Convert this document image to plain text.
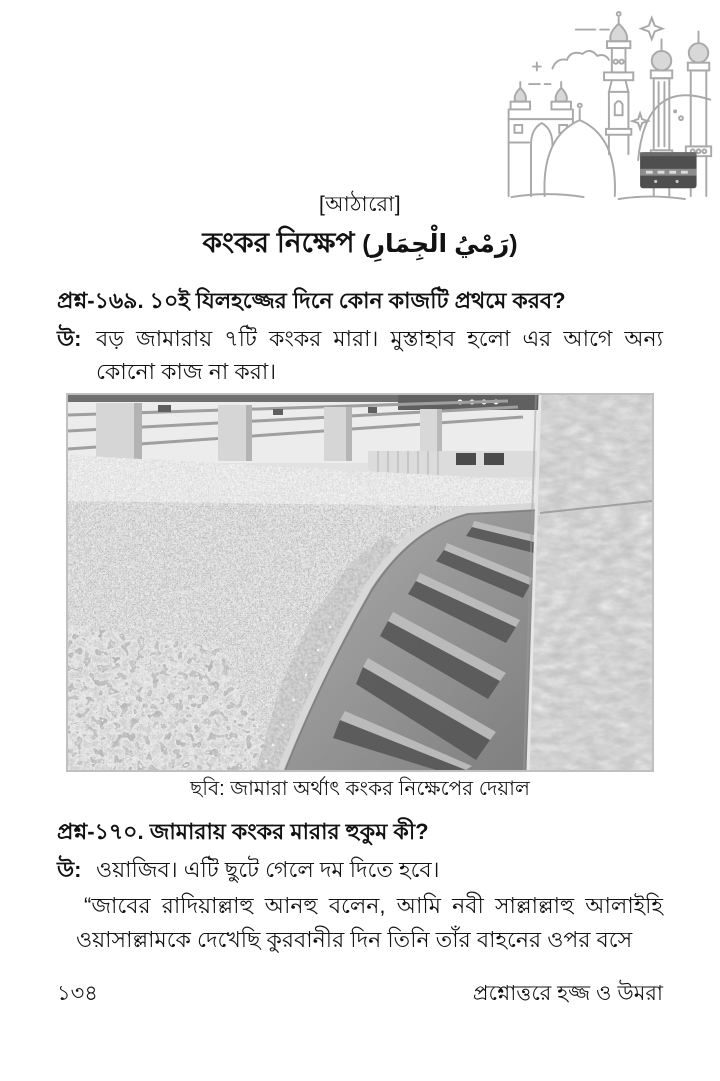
[আঠারো]
কংকর নিক্ষেপ (رَمْيُ الْجِمَارِ)
প্রশ্ন-১৬৯. ১০ই যিলহজ্জের দিনে কোন কাজটি প্রথমে করব?
উ: বড় জামারায় ৭টি কংকর মারা। মুস্তাহাব হলো এর আগে অন্য কোনো কাজ না করা।
ছবি: জামারা অর্থাৎ কংকর নিক্ষেপের দেয়াল
প্রশ্ন-১৭০. জামারায় কংকর মারার হুকুম কী?
উ: ওয়াজিব। এটি ছুটে গেলে দম দিতে হবে।
“জাবের রাদিয়াল্লাহু আনহু বলেন, আমি নবী সাল্লাল্লাহু আলাইহি ওয়াসাল্লামকে দেখেছি কুরবানীর দিন তিনি তাঁর বাহনের ওপর বসে
১৩৪	প্রশ্নোত্তরে হজ্জ ও উমরা
